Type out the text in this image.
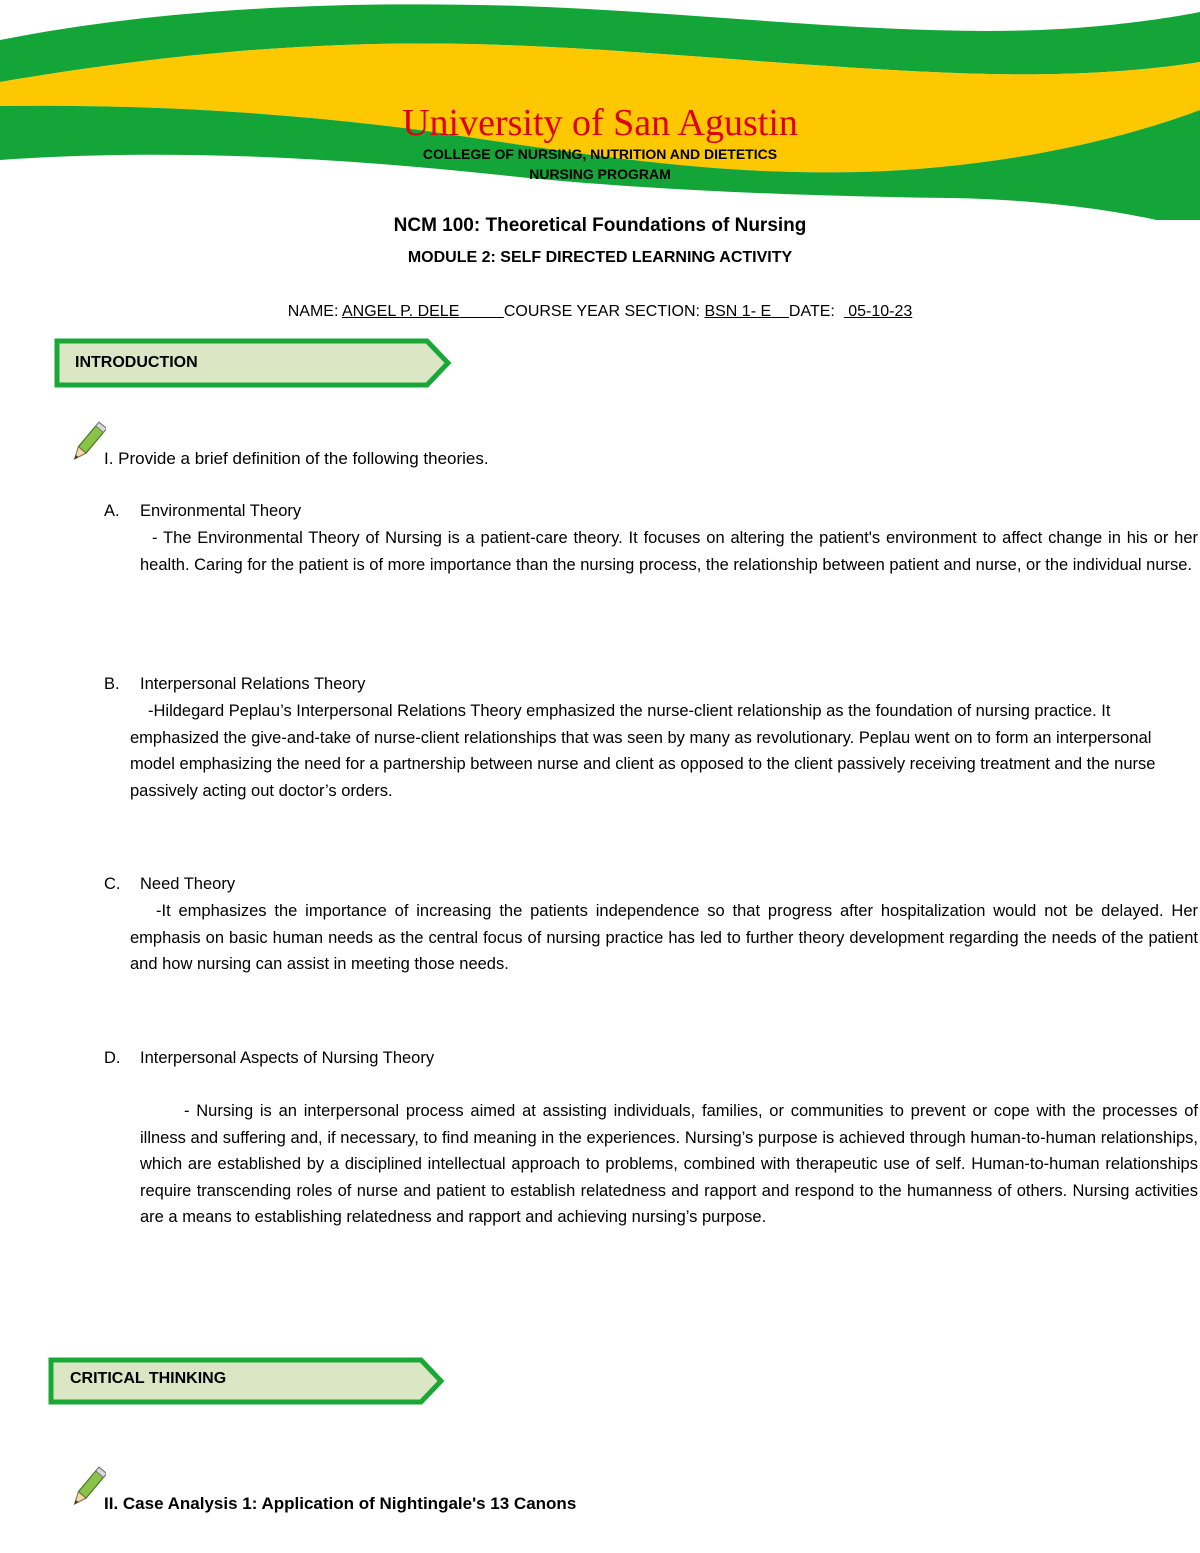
University of San Agustin
COLLEGE OF NURSING, NUTRITION AND DIETETICS
NURSING PROGRAM
NCM 100: Theoretical Foundations of Nursing
MODULE 2: SELF DIRECTED LEARNING ACTIVITY
NAME: ANGEL P. DELE	COURSE YEAR SECTION: BSN 1- E DATE:   05-10-23
INTRODUCTION
I. Provide a brief definition of the following theories.
A. Environmental Theory

- The Environmental Theory of Nursing is a patient-care theory. It focuses on altering the patient's environment to affect change in his or her health. Caring for the patient is of more importance than the nursing process, the relationship between patient and nurse, or the individual nurse.

B. Interpersonal Relations Theory

-Hildegard Peplau’s Interpersonal Relations Theory emphasized the nurse-client relationship as the foundation of nursing practice. It emphasized the give-and-take of nurse-client relationships that was seen by many as revolutionary. Peplau went on to form an interpersonal model emphasizing the need for a partnership between nurse and client as opposed to the client passively receiving treatment and the nurse passively acting out doctor’s orders.

C. Need Theory

-It emphasizes the importance of increasing the patients independence so that progress after hospitalization would not be delayed. Her emphasis on basic human needs as the central focus of nursing practice has led to further theory development regarding the needs of the patient and how nursing can assist in meeting those needs.

D. Interpersonal Aspects of Nursing Theory

- Nursing is an interpersonal process aimed at assisting individuals, families, or communities to prevent or cope with the processes of illness and suffering and, if necessary, to find meaning in the experiences. Nursing’s purpose is achieved through human-to-human relationships, which are established by a disciplined intellectual approach to problems, combined with therapeutic use of self. Human-to-human relationships require transcending roles of nurse and patient to establish relatedness and rapport and respond to the humanness of others. Nursing activities are a means to establishing relatedness and rapport and achieving nursing’s purpose.

CRITICAL THINKING
II. Case Analysis 1: Application of Nightingale's 13 Canons
